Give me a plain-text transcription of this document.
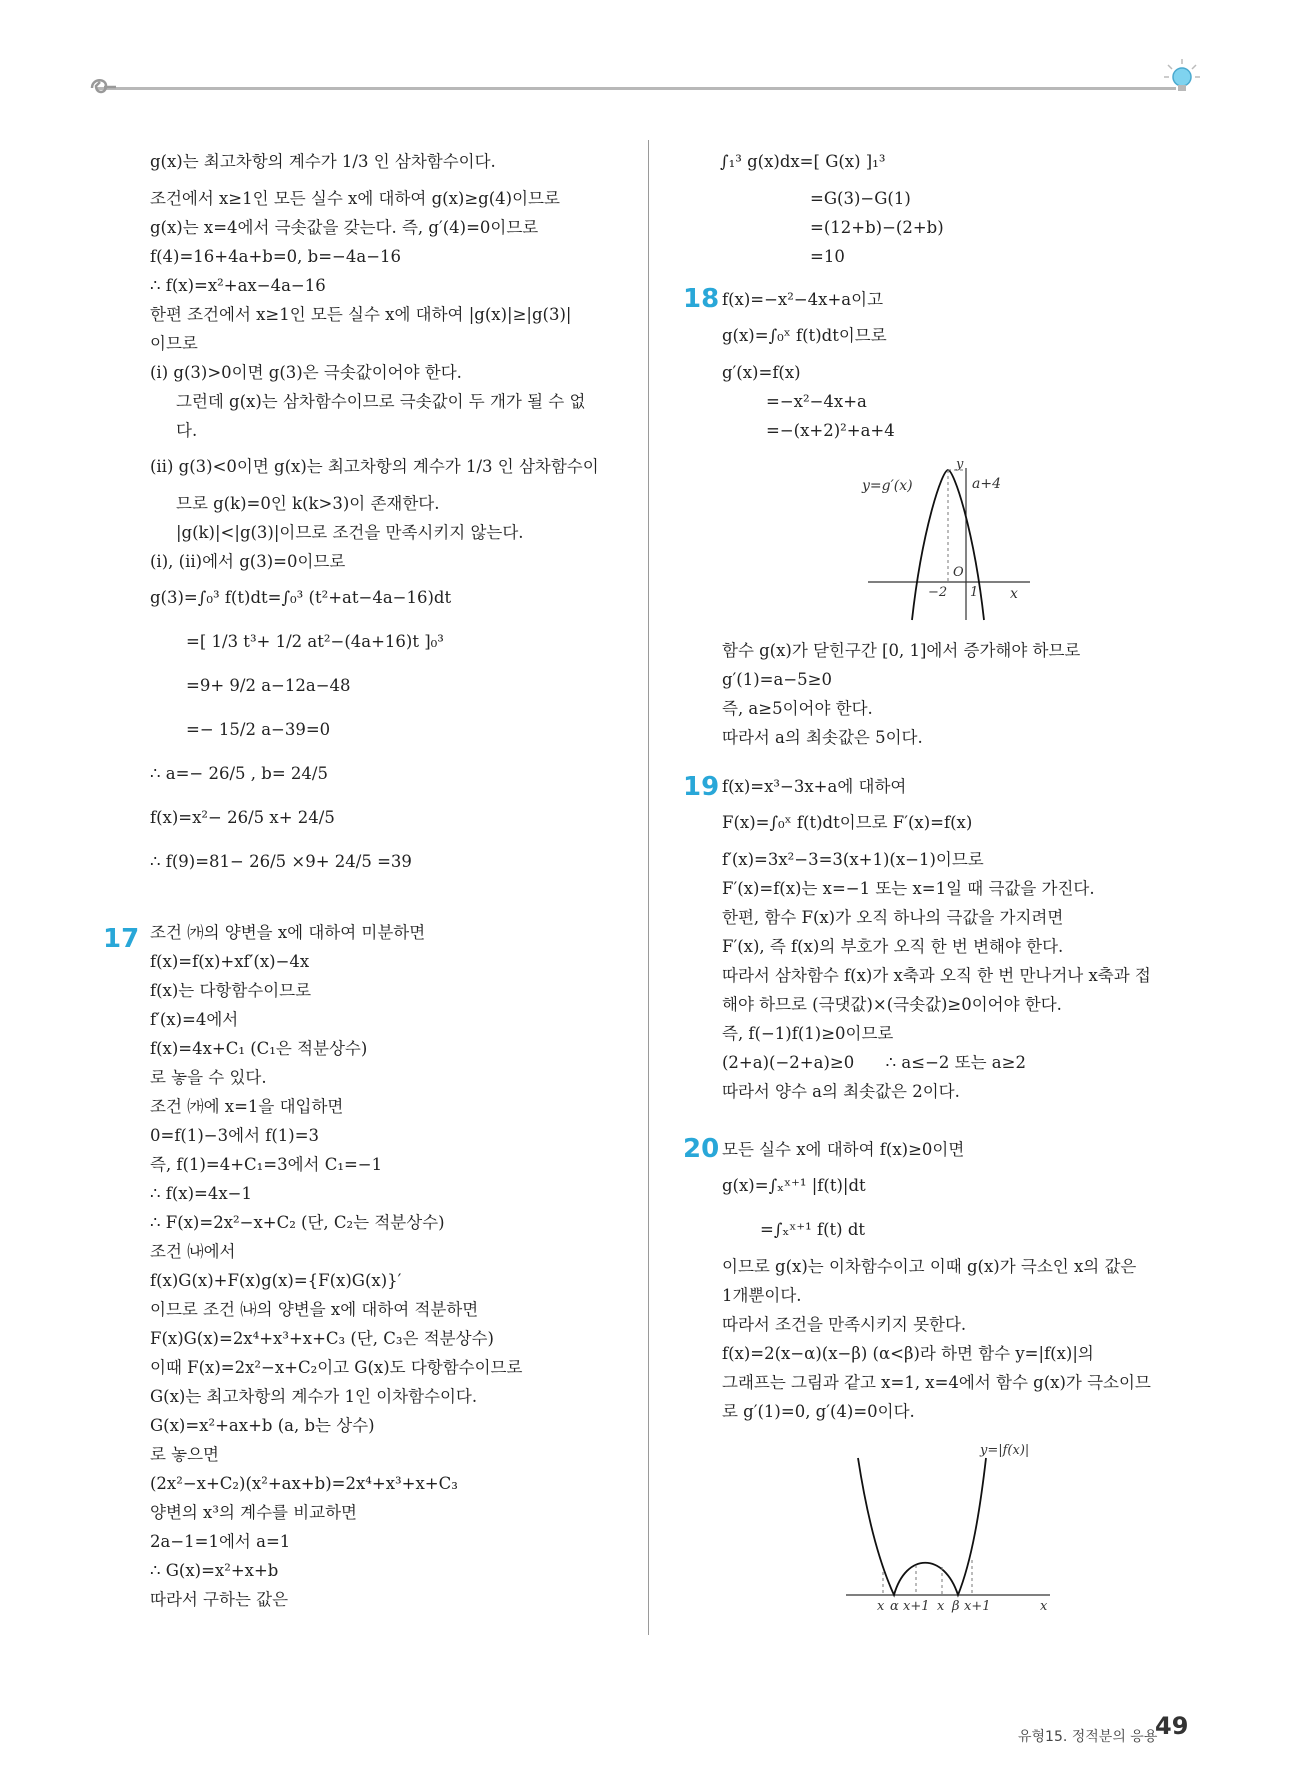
g(x)는 최고차항의 계수가 1/3 인 삼차함수이다.
조건에서 x≥1인 모든 실수 x에 대하여 g(x)≥g(4)이므로
g(x)는 x=4에서 극솟값을 갖는다. 즉, g′(4)=0이므로
f(4)=16+4a+b=0, b=−4a−16
∴ f(x)=x²+ax−4a−16
한편 조건에서 x≥1인 모든 실수 x에 대하여 |g(x)|≥|g(3)|
이므로
(ⅰ) g(3)>0이면 g(3)은 극솟값이어야 한다.
그런데 g(x)는 삼차함수이므로 극솟값이 두 개가 될 수 없
다.
(ⅱ) g(3)<0이면 g(x)는 최고차항의 계수가 1/3 인 삼차함수이
므로 g(k)=0인 k(k>3)이 존재한다.
|g(k)|<|g(3)|이므로 조건을 만족시키지 않는다.
(ⅰ), (ⅱ)에서 g(3)=0이므로
g(3)=∫₀³ f(t)dt=∫₀³ (t²+at−4a−16)dt
=[ 1/3 t³+ 1/2 at²−(4a+16)t ]₀³
=9+ 9/2 a−12a−48
=− 15/2 a−39=0
∴ a=− 26/5 , b= 24/5
f(x)=x²− 26/5 x+ 24/5
∴ f(9)=81− 26/5 ×9+ 24/5 =39
조건 ㈎의 양변을 x에 대하여 미분하면
f(x)=f(x)+xf′(x)−4x
f(x)는 다항함수이므로
f′(x)=4에서
f(x)=4x+C₁ (C₁은 적분상수)
로 놓을 수 있다.
조건 ㈎에 x=1을 대입하면
0=f(1)−3에서 f(1)=3
즉, f(1)=4+C₁=3에서 C₁=−1
∴ f(x)=4x−1
∴ F(x)=2x²−x+C₂ (단, C₂는 적분상수)
조건 ㈏에서
f(x)G(x)+F(x)g(x)={F(x)G(x)}′
이므로 조건 ㈏의 양변을 x에 대하여 적분하면
F(x)G(x)=2x⁴+x³+x+C₃ (단, C₃은 적분상수)
이때 F(x)=2x²−x+C₂이고 G(x)도 다항함수이므로
G(x)는 최고차항의 계수가 1인 이차함수이다.
G(x)=x²+ax+b (a, b는 상수)
로 놓으면
(2x²−x+C₂)(x²+ax+b)=2x⁴+x³+x+C₃
양변의 x³의 계수를 비교하면
2a−1=1에서 a=1
∴ G(x)=x²+x+b
따라서 구하는 값은
17
∫₁³ g(x)dx=[ G(x) ]₁³
=G(3)−G(1)
=(12+b)−(2+b)
=10
18 f(x)=−x²−4x+a이고
g(x)=∫₀ˣ f(t)dt이므로
g′(x)=f(x)
=−x²−4x+a
=−(x+2)²+a+4
y=g′(x)	a+4
y
x
O
−2 1
함수 g(x)가 닫힌구간 [0, 1]에서 증가해야 하므로
g′(1)=a−5≥0
즉, a≥5이어야 한다.
따라서 a의 최솟값은 5이다.
19 f(x)=x³−3x+a에 대하여
F(x)=∫₀ˣ f(t)dt이므로 F′(x)=f(x)
f′(x)=3x²−3=3(x+1)(x−1)이므로
F′(x)=f(x)는 x=−1 또는 x=1일 때 극값을 가진다.
한편, 함수 F(x)가 오직 하나의 극값을 가지려면
F′(x), 즉 f(x)의 부호가 오직 한 번 변해야 한다.
따라서 삼차함수 f(x)가 x축과 오직 한 번 만나거나 x축과 접
해야 하므로 (극댓값)×(극솟값)≥0이어야 한다.
즉, f(−1)f(1)≥0이므로
(2+a)(−2+a)≥0      ∴ a≤−2 또는 a≥2
따라서 양수 a의 최솟값은 2이다.
20 모든 실수 x에 대하여 f(x)≥0이면
g(x)=∫ₓˣ⁺¹ |f(t)|dt
=∫ₓˣ⁺¹ f(t) dt
이므로 g(x)는 이차함수이고 이때 g(x)가 극소인 x의 값은
1개뿐이다.
따라서 조건을 만족시키지 못한다.
f(x)=2(x−α)(x−β) (α<β)라 하면 함수 y=|f(x)|의
그래프는 그림과 같고 x=1, x=4에서 함수 g(x)가 극소이므
로 g′(1)=0, g′(4)=0이다.
y=|f(x)|
x α x+1 x β x+1	x
유형15. 정적분의 응용
49
